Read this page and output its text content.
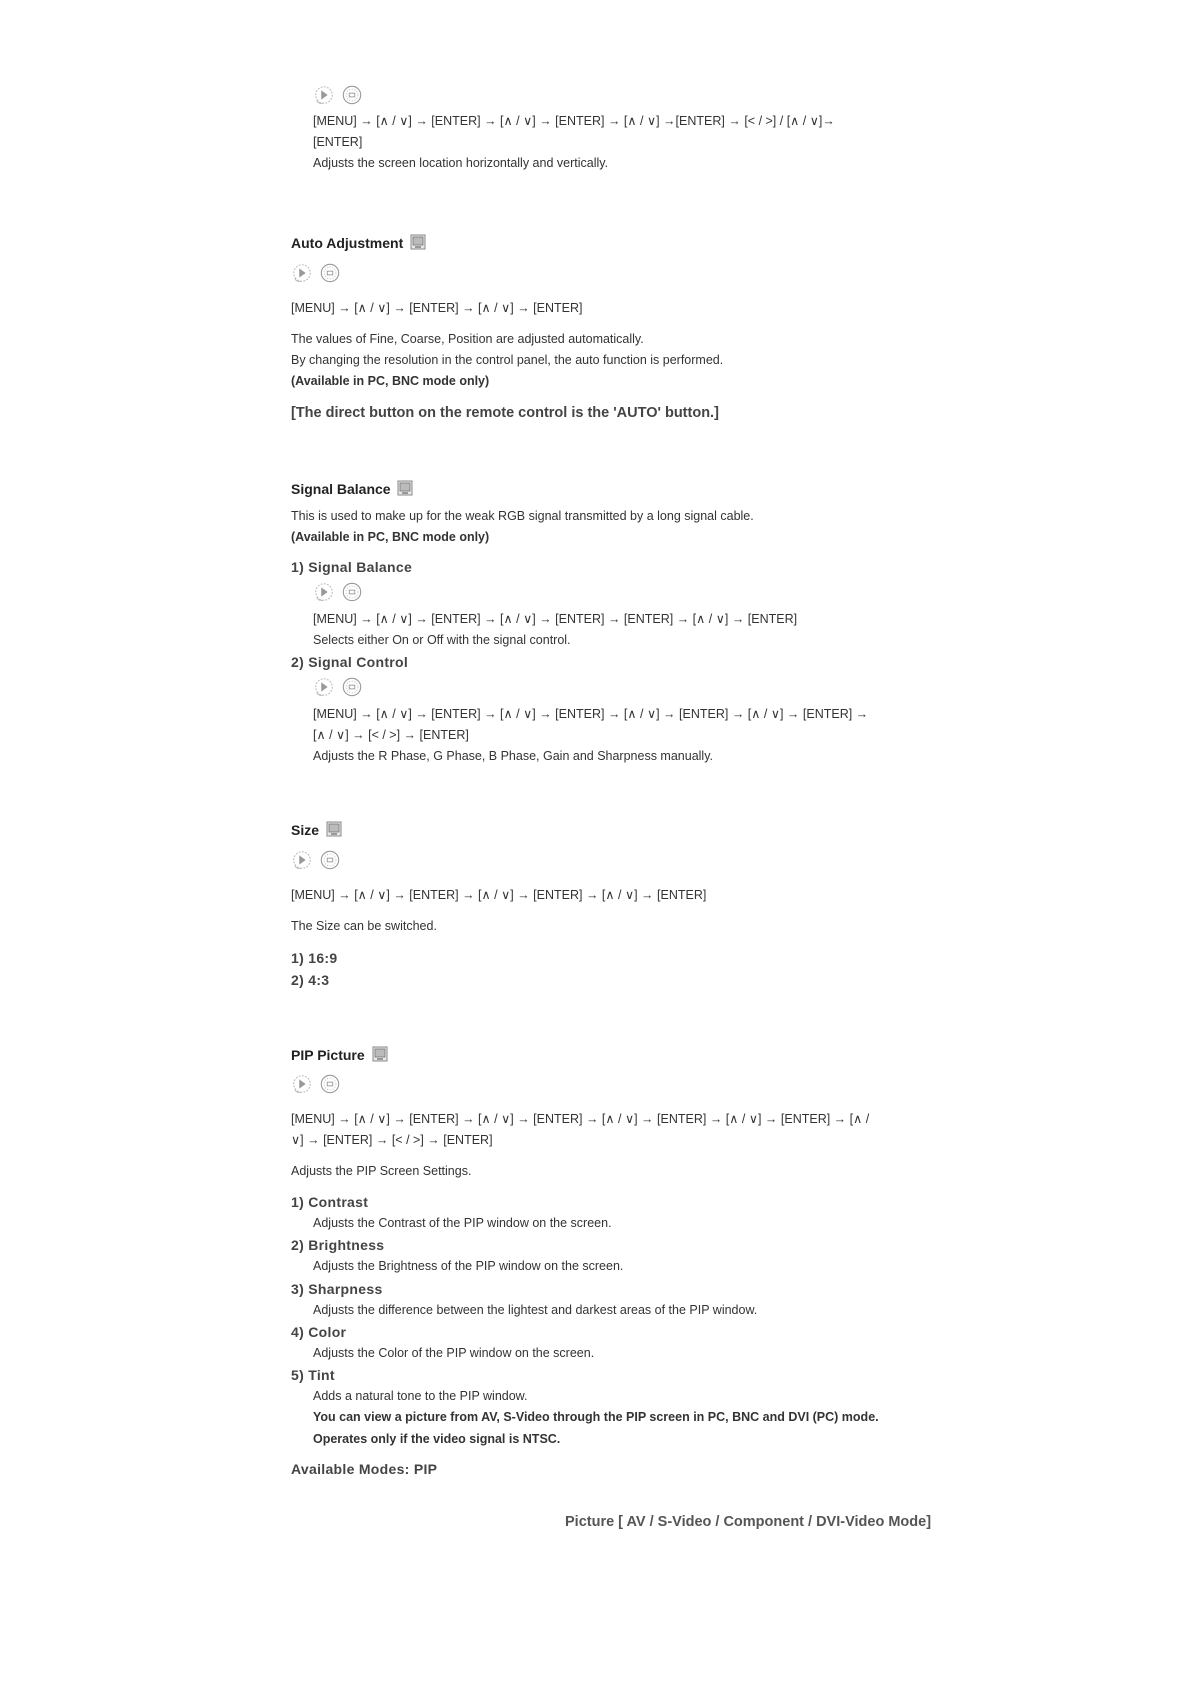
[MENU] → [∧ / ∨] → [ENTER] → [∧ / ∨] → [ENTER] → [∧ / ∨] →[ENTER] → [< / >] / [∧ / ∨]→
[ENTER]
Adjusts the screen location horizontally and vertically.
Auto Adjustment
[MENU] → [∧ / ∨] → [ENTER] → [∧ / ∨] → [ENTER]
The values of Fine, Coarse, Position are adjusted automatically.
By changing the resolution in the control panel, the auto function is performed.
(Available in PC, BNC mode only)
[The direct button on the remote control is the 'AUTO' button.]
Signal Balance
This is used to make up for the weak RGB signal transmitted by a long signal cable.
(Available in PC, BNC mode only)
1) Signal Balance
[MENU] → [∧ / ∨] → [ENTER] → [∧ / ∨] → [ENTER] → [ENTER] → [∧ / ∨] → [ENTER]
Selects either On or Off with the signal control.
2) Signal Control
[MENU] → [∧ / ∨] → [ENTER] → [∧ / ∨] → [ENTER] → [∧ / ∨] → [ENTER] → [∧ / ∨] → [ENTER] →
[∧ / ∨] → [< / >] → [ENTER]
Adjusts the R Phase, G Phase, B Phase, Gain and Sharpness manually.
Size
[MENU] → [∧ / ∨] → [ENTER] → [∧ / ∨] → [ENTER] → [∧ / ∨] → [ENTER]
The Size can be switched.
1) 16:9
2) 4:3
PIP Picture
[MENU] → [∧ / ∨] → [ENTER] → [∧ / ∨] → [ENTER] → [∧ / ∨] → [ENTER] → [∧ / ∨] → [ENTER] → [∧ /
∨] → [ENTER] → [< / >] → [ENTER]
Adjusts the PIP Screen Settings.
1) Contrast
Adjusts the Contrast of the PIP window on the screen.
2) Brightness
Adjusts the Brightness of the PIP window on the screen.
3) Sharpness
Adjusts the difference between the lightest and darkest areas of the PIP window.
4) Color
Adjusts the Color of the PIP window on the screen.
5) Tint
Adds a natural tone to the PIP window.
You can view a picture from AV, S-Video through the PIP screen in PC, BNC and DVI (PC) mode.
Operates only if the video signal is NTSC.
Available Modes: PIP
Picture [ AV / S-Video / Component / DVI-Video Mode]
